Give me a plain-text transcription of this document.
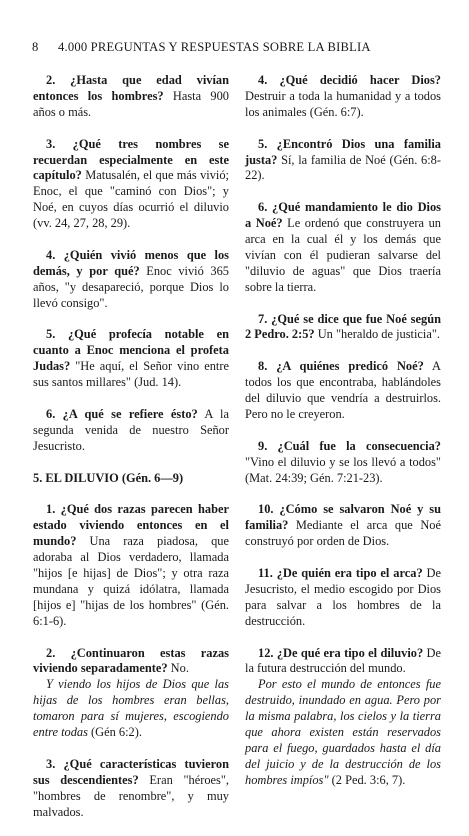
8 4.000 PREGUNTAS Y RESPUESTAS SOBRE LA BIBLIA

2. ¿Hasta que edad vivían entonces los hombres? Hasta 900 años o más.

3. ¿Qué tres nombres se recuerdan especialmente en este capítulo? Matusalén, el que más vivió; Enoc, el que "caminó con Dios"; y Noé, en cuyos días ocurrió el diluvio (vv. 24, 27, 28, 29).

4. ¿Quién vivió menos que los demás, y por qué? Enoc vivió 365 años, "y desapareció, porque Dios lo llevó consigo".

5. ¿Qué profecía notable en cuanto a Enoc menciona el profeta Judas? "He aquí, el Señor vino entre sus santos millares" (Jud. 14).

6. ¿A qué se refiere ésto? A la segunda venida de nuestro Señor Jesucristo.

5. EL DILUVIO (Gén. 6—9)

1. ¿Qué dos razas parecen haber estado viviendo entonces en el mundo? Una raza piadosa, que adoraba al Dios verdadero, llamada "hijos [e hijas] de Dios"; y otra raza mundana y quizá idólatra, llamada [hijos e] "hijas de los hombres" (Gén. 6:1-6).

2. ¿Continuaron estas razas viviendo separadamente? No.

Y viendo los hijos de Dios que las hijas de los hombres eran bellas, tomaron para sí mujeres, escogiendo entre todas (Gén 6:2).

3. ¿Qué características tuvieron sus descendientes? Eran "héroes", "hombres de renombre", y muy malvados.

4. ¿Qué decidió hacer Dios? Destruir a toda la humanidad y a todos los animales (Gén. 6:7).

5. ¿Encontró Dios una familia justa? Sí, la familia de Noé (Gén. 6:8-22).

6. ¿Qué mandamiento le dio Dios a Noé? Le ordenó que construyera un arca en la cual él y los demás que vivían con él pudieran salvarse del "diluvio de aguas" que Dios traería sobre la tierra.

7. ¿Qué se dice que fue Noé según 2 Pedro. 2:5? Un "heraldo de justicia".

8. ¿A quiénes predicó Noé? A todos los que encontraba, hablándoles del diluvio que vendría a destruirlos. Pero no le creyeron.

9. ¿Cuál fue la consecuencia? "Vino el diluvio y se los llevó a todos" (Mat. 24:39; Gén. 7:21-23).

10. ¿Cómo se salvaron Noé y su familia? Mediante el arca que Noé construyó por orden de Dios.

11. ¿De quién era tipo el arca? De Jesucristo, el medio escogido por Dios para salvar a los hombres de la destrucción.

12. ¿De qué era tipo el diluvio? De la futura destrucción del mundo.

Por esto el mundo de entonces fue destruido, inundado en agua. Pero por la misma palabra, los cielos y la tierra que ahora existen están reservados para el fuego, guardados hasta el día del juicio y de la destrucción de los hombres impíos" (2 Ped. 3:6, 7).
